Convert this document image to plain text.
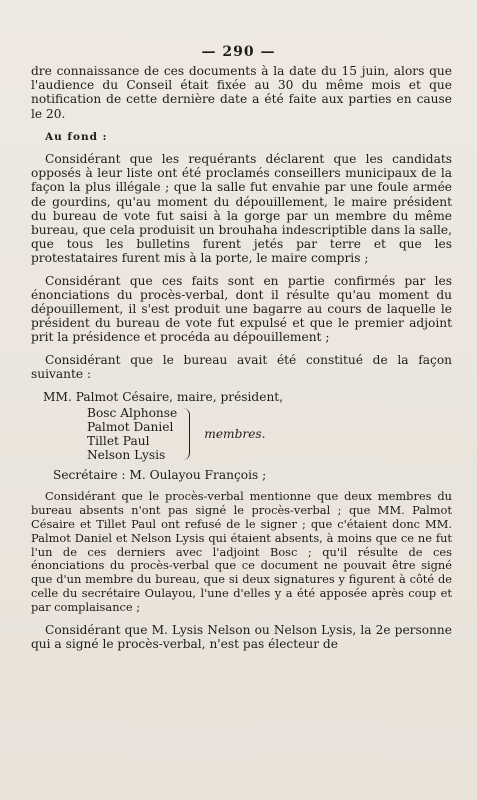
— 290 —

dre connaissance de ces documents à la date du 15 juin, alors que l'audience du Conseil était fixée au 30 du même mois et que notification de cette dernière date a été faite aux parties en cause le 20.

Au fond :

Considérant que les requérants déclarent que les candidats opposés à leur liste ont été proclamés conseillers municipaux de la façon la plus illégale ; que la salle fut envahie par une foule armée de gourdins, qu'au moment du dépouillement, le maire président du bureau de vote fut saisi à la gorge par un membre du même bureau, que cela produisit un brouhaha indescriptible dans la salle, que tous les bulletins furent jetés par terre et que les protestataires furent mis à la porte, le maire compris ;

Considérant que ces faits sont en partie confirmés par les énonciations du procès-verbal, dont il résulte qu'au moment du dépouillement, il s'est produit une bagarre au cours de laquelle le président du bureau de vote fut expulsé et que le premier adjoint prit la présidence et procéda au dépouillement ;

Considérant que le bureau avait été constitué de la façon suivante :

MM. Palmot Césaire, maire, président,
Bosc Alphonse
Palmot Daniel
Tillet Paul
Nelson Lysis
membres.

Secrétaire : M. Oulayou François ;

Considérant que le procès-verbal mentionne que deux membres du bureau absents n'ont pas signé le procès-verbal ; que MM. Palmot Césaire et Tillet Paul ont refusé de le signer ; que c'étaient donc MM. Palmot Daniel et Nelson Lysis qui étaient absents, à moins que ce ne fut l'un de ces derniers avec l'adjoint Bosc ; qu'il résulte de ces énonciations du procès-verbal que ce document ne pouvait être signé que d'un membre du bureau, que si deux signatures y figurent à côté de celle du secrétaire Oulayou, l'une d'elles y a été apposée après coup et par complaisance ;

Considérant que M. Lysis Nelson ou Nelson Lysis, la 2e personne qui a signé le procès-verbal, n'est pas électeur de
